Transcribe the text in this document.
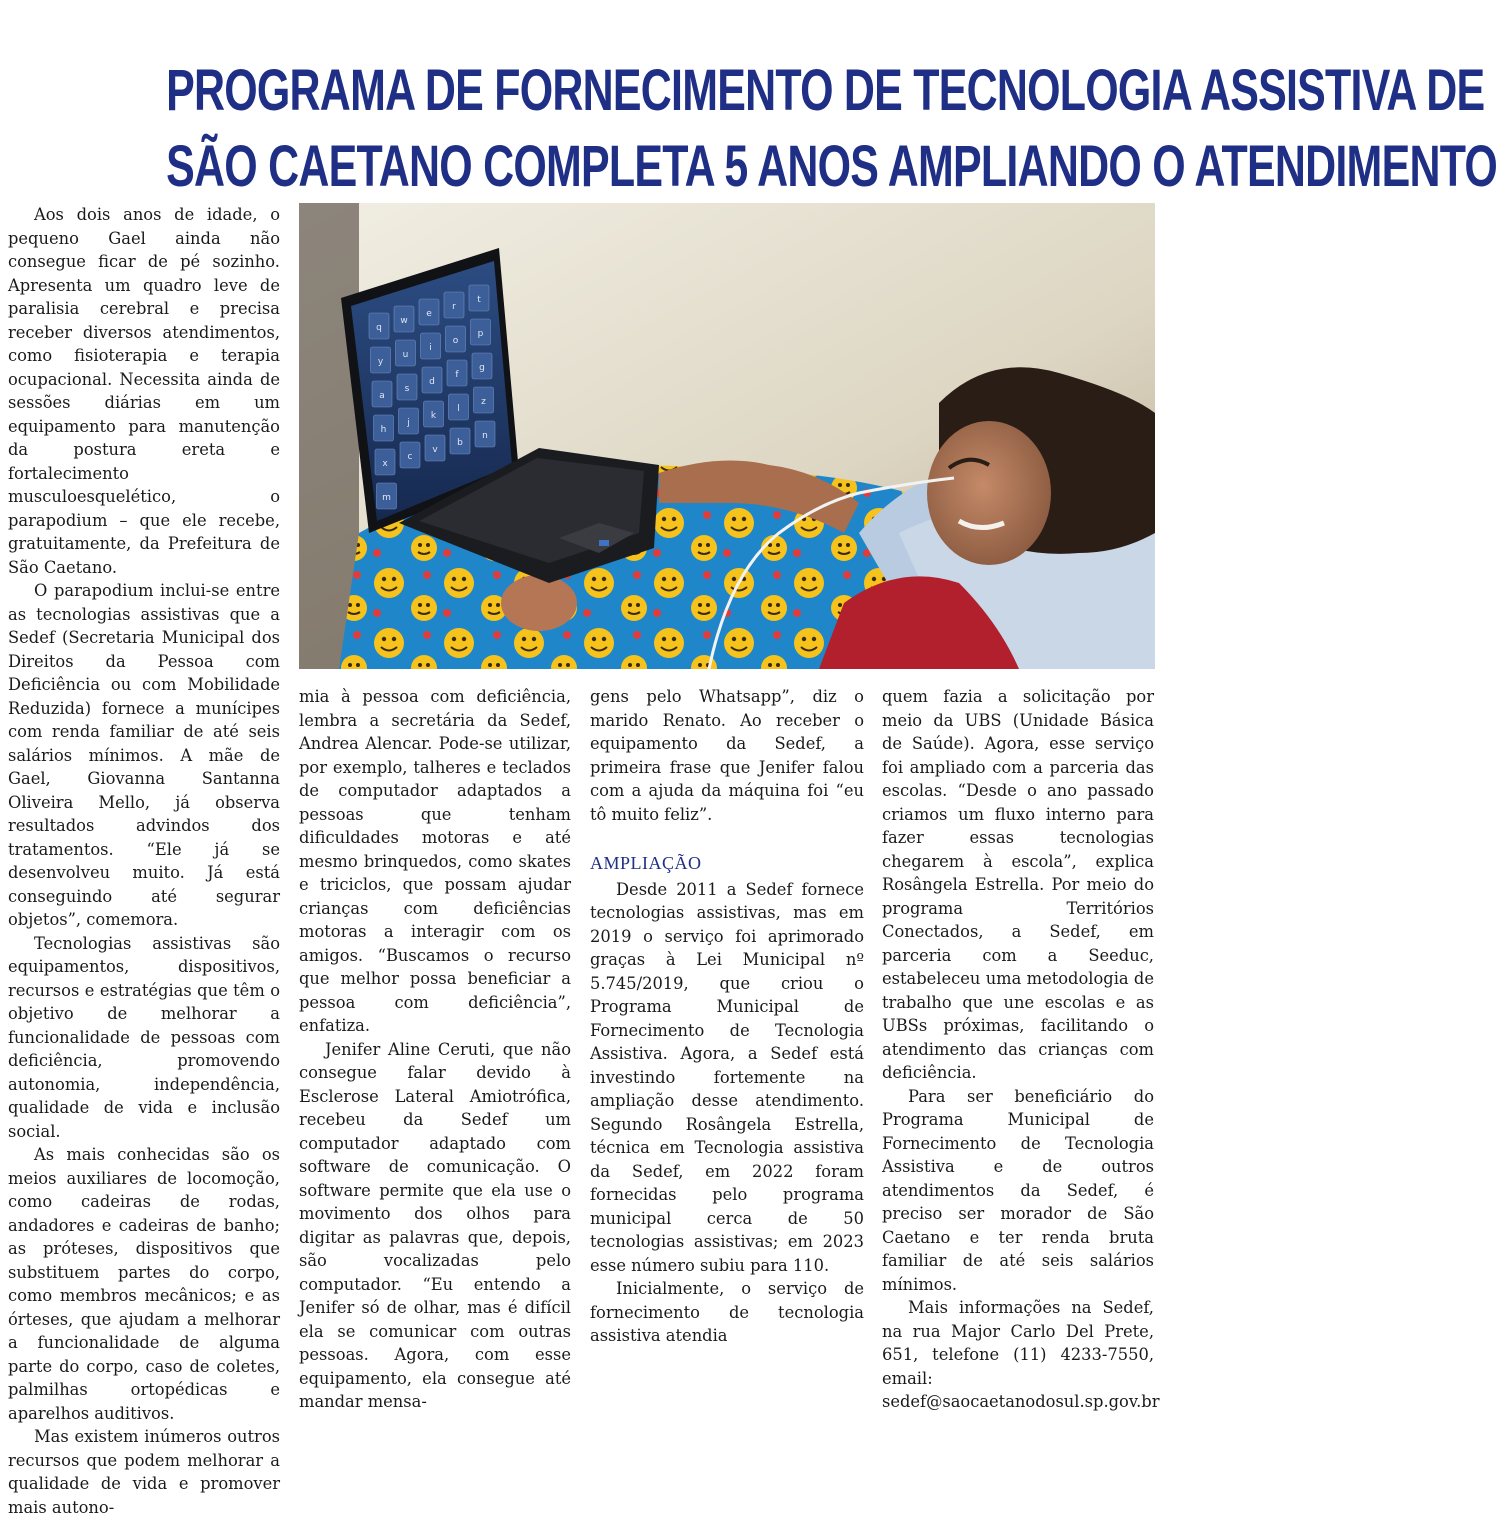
PROGRAMA DE FORNECIMENTO DE TECNOLOGIA ASSISTIVA DE
SÃO CAETANO COMPLETA 5 ANOS AMPLIANDO O ATENDIMENTO

Aos dois anos de idade, o pequeno Gael ainda não consegue ficar de pé sozinho. Apresenta um quadro leve de paralisia cerebral e precisa receber diversos atendimentos, como fisioterapia e terapia ocupacional. Necessita ainda de sessões diárias em um equipamento para manutenção da postura ereta e fortalecimento musculoesquelético, o parapodium – que ele recebe, gratuitamente, da Prefeitura de São Caetano.

O parapodium inclui-se entre as tecnologias assistivas que a Sedef (Secretaria Municipal dos Direitos da Pessoa com Deficiência ou com Mobilidade Reduzida) fornece a munícipes com renda familiar de até seis salários mínimos. A mãe de Gael, Giovanna Santanna Oliveira Mello, já observa resultados advindos dos tratamentos. “Ele já se desenvolveu muito. Já está conseguindo até segurar objetos”, comemora.

Tecnologias assistivas são equipamentos, dispositivos, recursos e estratégias que têm o objetivo de melhorar a funcionalidade de pessoas com deficiência, promovendo autonomia, independência, qualidade de vida e inclusão social.

As mais conhecidas são os meios auxiliares de locomoção, como cadeiras de rodas, andadores e cadeiras de banho; as próteses, dispositivos que substituem partes do corpo, como membros mecânicos; e as órteses, que ajudam a melhorar a funcionalidade de alguma parte do corpo, caso de coletes, palmilhas ortopédicas e aparelhos auditivos.

Mas existem inúmeros outros recursos que podem melhorar a qualidade de vida e promover mais autono-

q
w
e
r
t
y
u
i
o
p
a
s
d
f
g
h
j
k
l
z
x
c
v
b
n
m

mia à pessoa com deficiência, lembra a secretária da Sedef, Andrea Alencar. Pode-se utilizar, por exemplo, talheres e teclados de computador adaptados a pessoas que tenham dificuldades motoras e até mesmo brinquedos, como skates e triciclos, que possam ajudar crianças com deficiências motoras a interagir com os amigos. “Buscamos o recurso que melhor possa beneficiar a pessoa com deficiência”, enfatiza.

Jenifer Aline Ceruti, que não consegue falar devido à Esclerose Lateral Amiotrófica, recebeu da Sedef um computador adaptado com software de comunicação. O software permite que ela use o movimento dos olhos para digitar as palavras que, depois, são vocalizadas pelo computador. “Eu entendo a Jenifer só de olhar, mas é difícil ela se comunicar com outras pessoas. Agora, com esse equipamento, ela consegue até mandar mensa-

gens pelo Whatsapp”, diz o marido Renato. Ao receber o equipamento da Sedef, a primeira frase que Jenifer falou com a ajuda da máquina foi “eu tô muito feliz”.

AMPLIAÇÃO

Desde 2011 a Sedef fornece tecnologias assistivas, mas em 2019 o serviço foi aprimorado graças à Lei Municipal nº 5.745/2019, que criou o Programa Municipal de Fornecimento de Tecnologia Assistiva. Agora, a Sedef está investindo fortemente na ampliação desse atendimento. Segundo Rosângela Estrella, técnica em Tecnologia assistiva da Sedef, em 2022 foram fornecidas pelo programa municipal cerca de 50 tecnologias assistivas; em 2023 esse número subiu para 110.

Inicialmente, o serviço de fornecimento de tecnologia assistiva atendia

quem fazia a solicitação por meio da UBS (Unidade Básica de Saúde). Agora, esse serviço foi ampliado com a parceria das escolas. “Desde o ano passado criamos um fluxo interno para fazer essas tecnologias chegarem à escola”, explica Rosângela Estrella. Por meio do programa Territórios Conectados, a Sedef, em parceria com a Seeduc, estabeleceu uma metodologia de trabalho que une escolas e as UBSs próximas, facilitando o atendimento das crianças com deficiência.

Para ser beneficiário do Programa Municipal de Fornecimento de Tecnologia Assistiva e de outros atendimentos da Sedef, é preciso ser morador de São Caetano e ter renda bruta familiar de até seis salários mínimos.

Mais informações na Sedef, na rua Major Carlo Del Prete, 651, telefone (11) 4233-7550, email: sedef@saocaetanodosul.sp.gov.br
